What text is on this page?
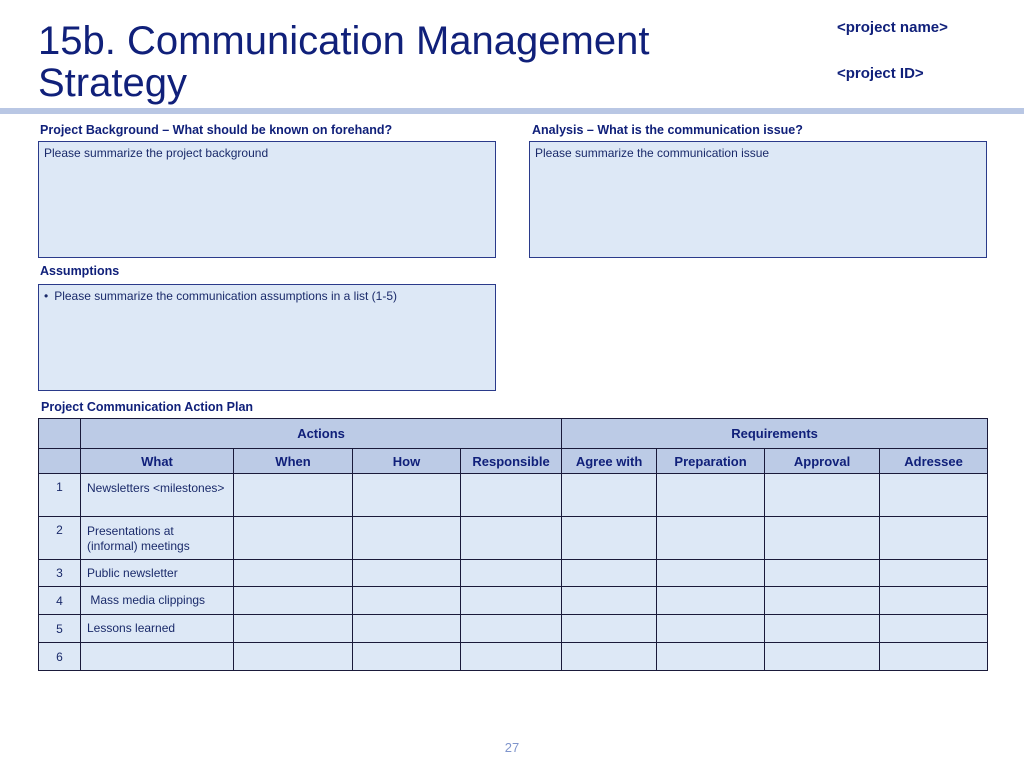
15b. Communication Management Strategy
<project name>
<project ID>
Project Background – What should be known on forehand?
Please summarize the project background
Analysis – What is the communication issue?
Please summarize the communication issue
Assumptions
• Please summarize the communication assumptions in a list (1-5)
Project Communication Action Plan
	Actions				Requirements			
	What	When	How	Responsible	Agree with	Preparation	Approval	Adressee
1	Newsletters <milestones>							
2	Presentations at (informal) meetings							
3	Public newsletter							
4	Mass media clippings							
5	Lessons learned							
6								
27
